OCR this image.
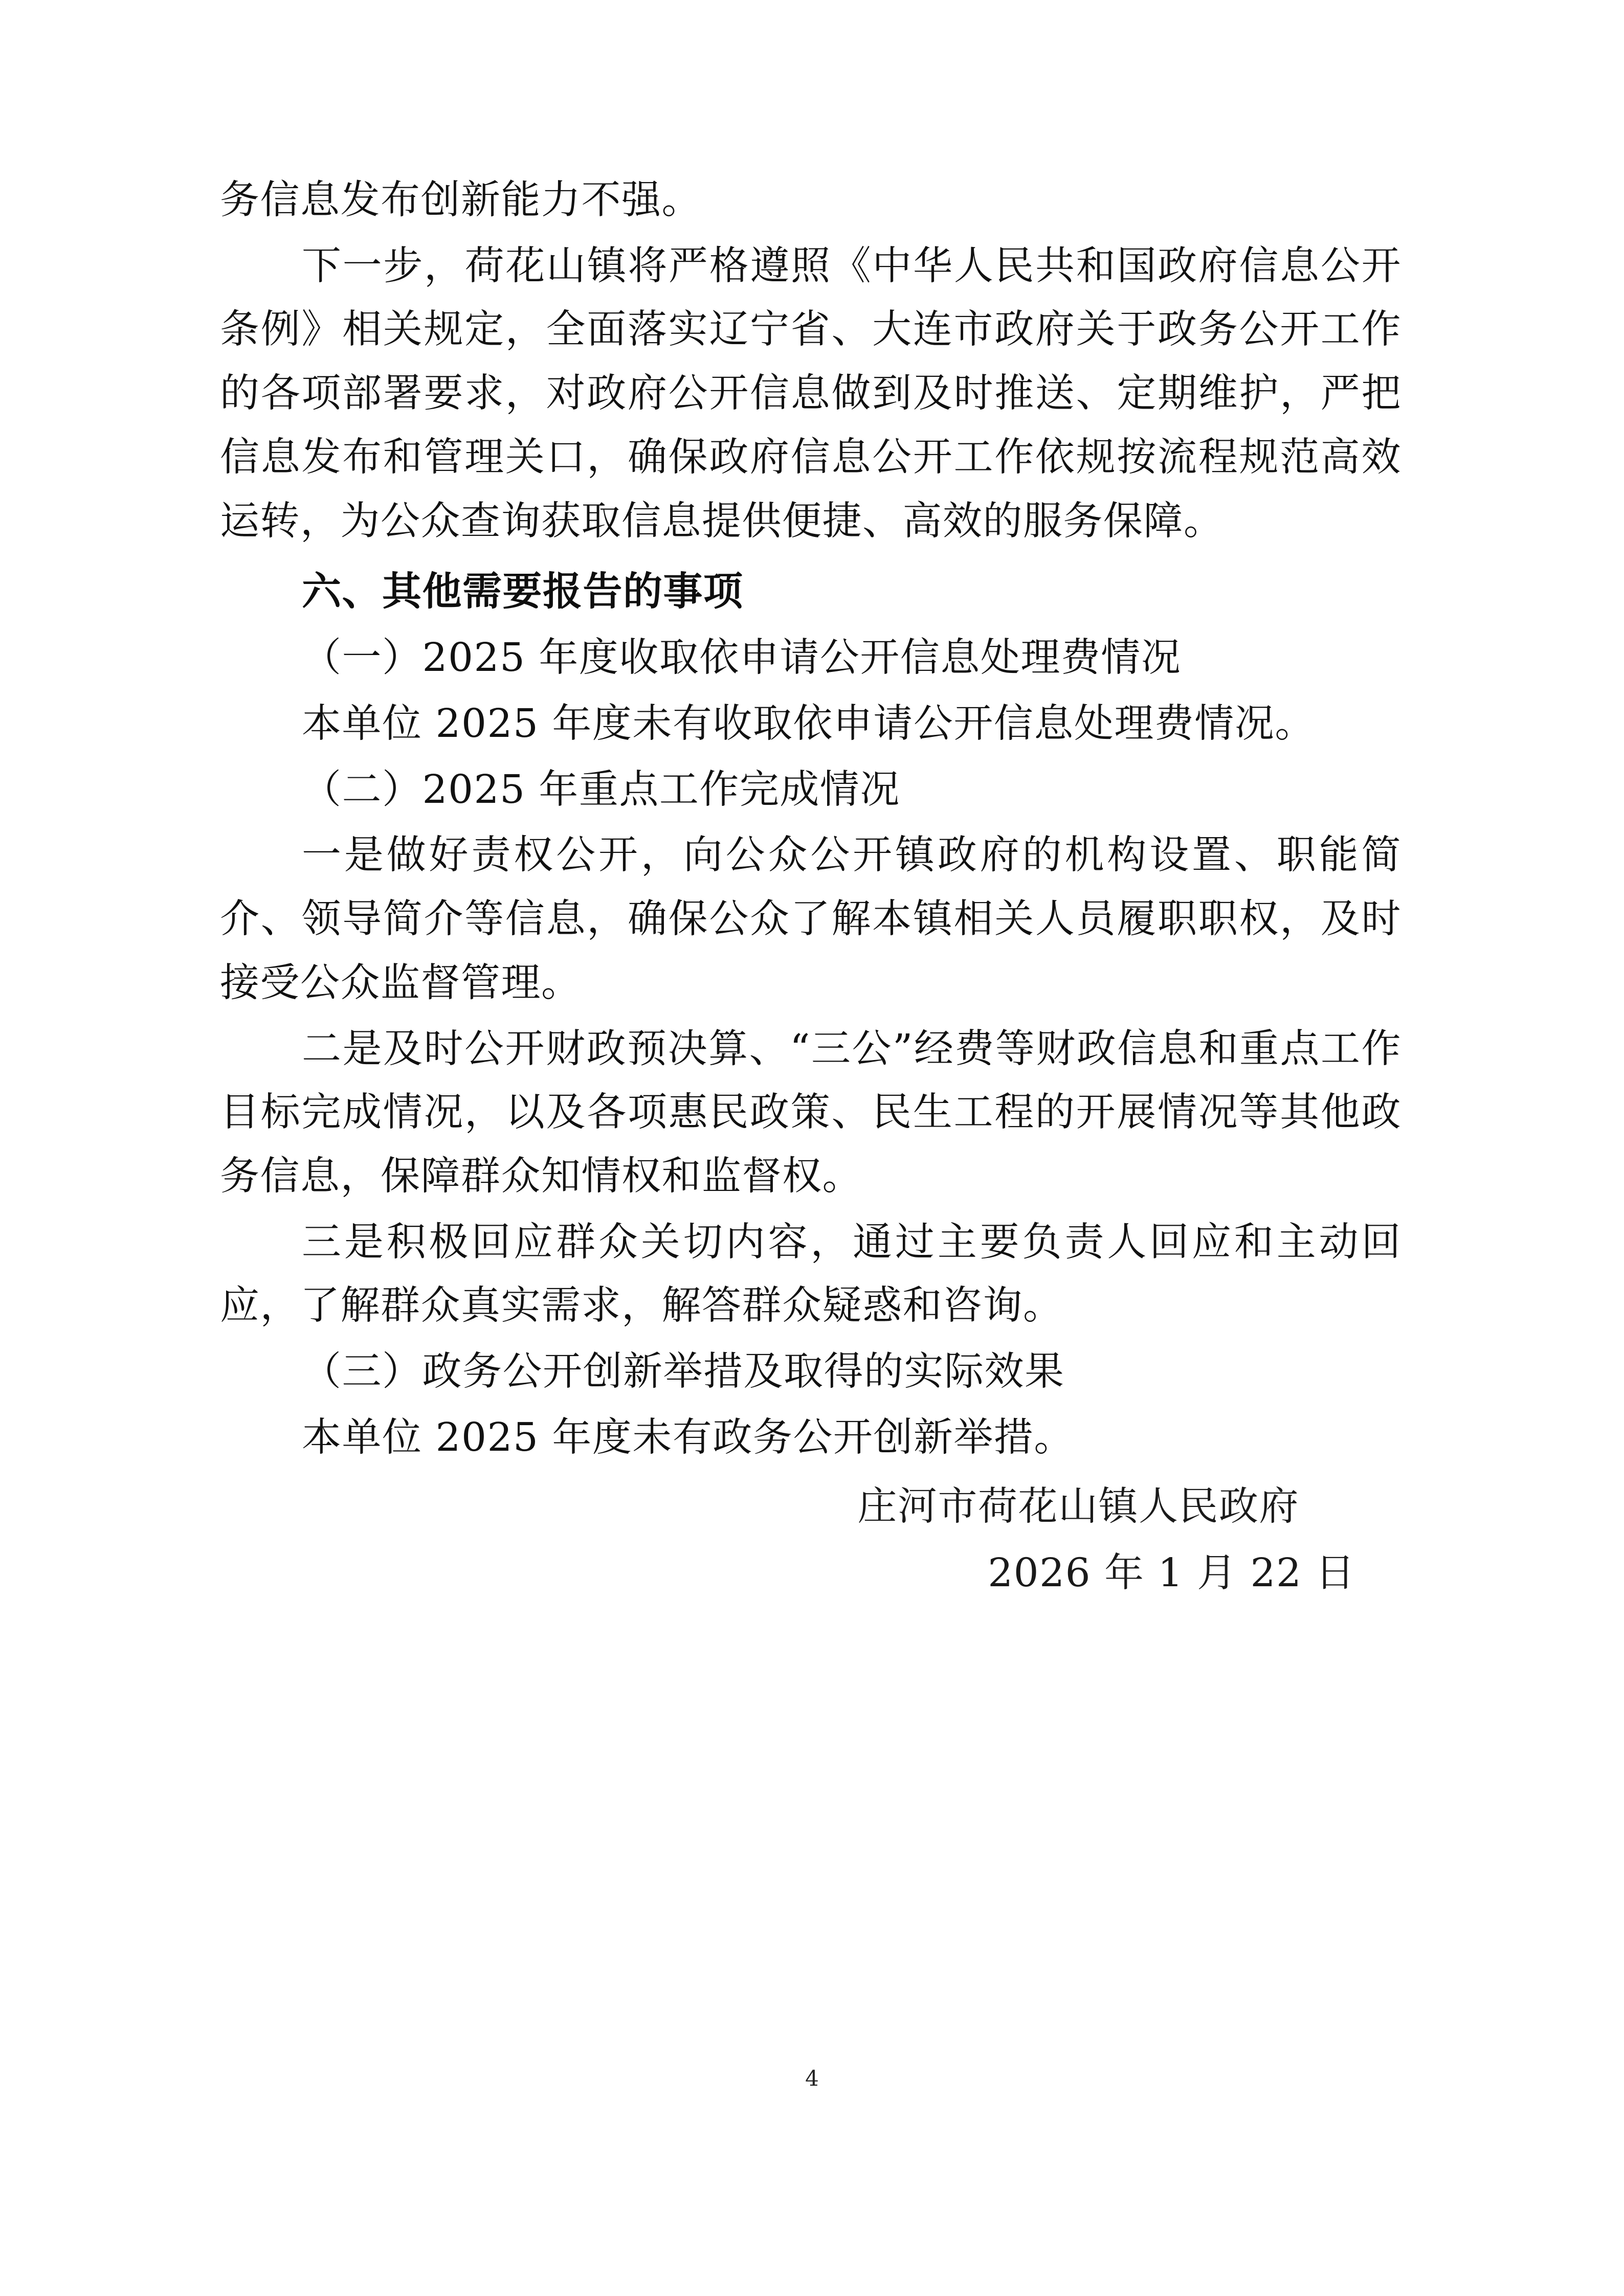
务信息发布创新能力不强。

下一步，荷花山镇将严格遵照《中华人民共和国政府信息公开条例》相关规定，全面落实辽宁省、大连市政府关于政务公开工作的各项部署要求，对政府公开信息做到及时推送、定期维护，严把信息发布和管理关口，确保政府信息公开工作依规按流程规范高效运转，为公众查询获取信息提供便捷、高效的服务保障。

六、其他需要报告的事项

（一）2025 年度收取依申请公开信息处理费情况

本单位 2025 年度未有收取依申请公开信息处理费情况。

（二）2025 年重点工作完成情况

一是做好责权公开，向公众公开镇政府的机构设置、职能简介、领导简介等信息，确保公众了解本镇相关人员履职职权，及时接受公众监督管理。

二是及时公开财政预决算、“三公”经费等财政信息和重点工作目标完成情况，以及各项惠民政策、民生工程的开展情况等其他政务信息，保障群众知情权和监督权。

三是积极回应群众关切内容，通过主要负责人回应和主动回应，了解群众真实需求，解答群众疑惑和咨询。

（三）政务公开创新举措及取得的实际效果

本单位 2025 年度未有政务公开创新举措。

庄河市荷花山镇人民政府

2026 年 1 月 22 日

4
